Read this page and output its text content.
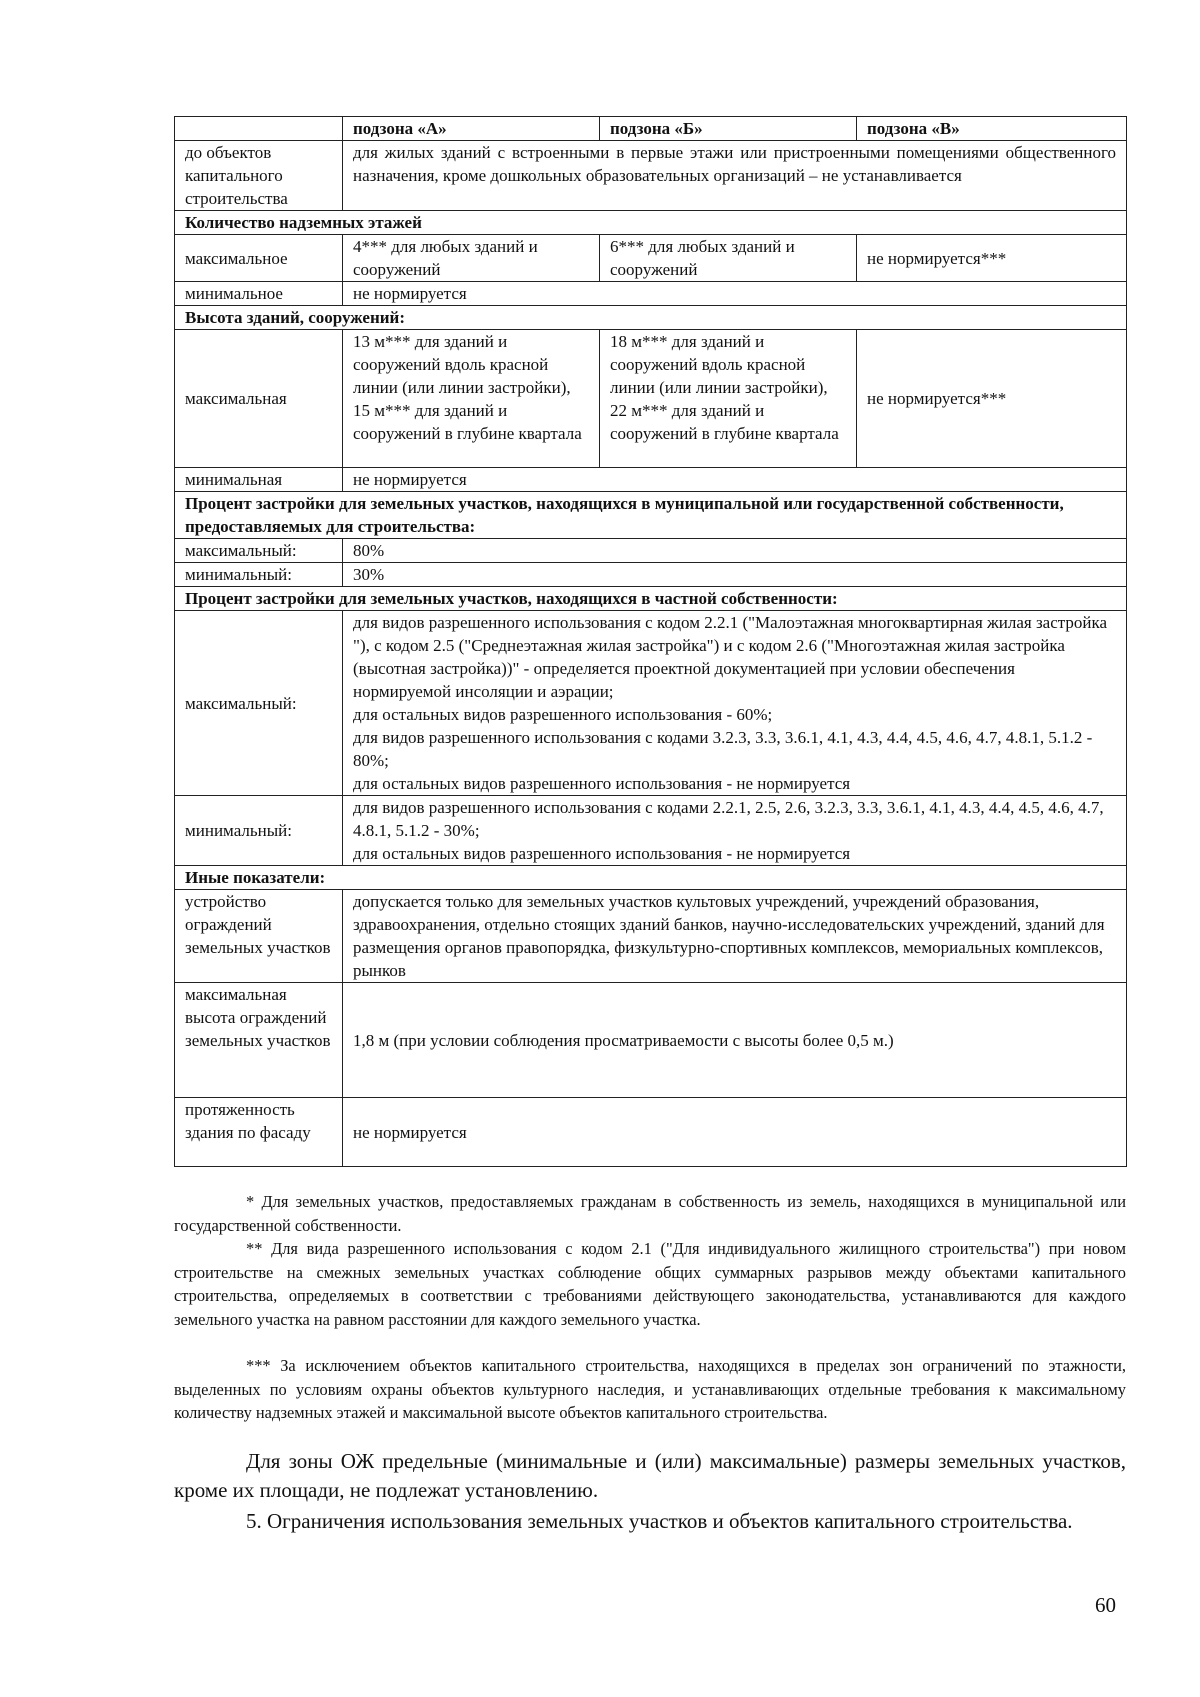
	подзона «А»	подзона «Б»	подзона «В»
до объектов капитального строительства	для жилых зданий с встроенными в первые этажи или пристроенными помещениями общественного назначения, кроме дошкольных образовательных организаций – не устанавливается		
Количество надземных этажей			
максимальное	4*** для любых зданий и сооружений	6*** для любых зданий и сооружений	не нормируется***
минимальное	не нормируется		
Высота зданий, сооружений:			
максимальная	13 м*** для зданий и сооружений вдоль красной линии (или линии застройки), 15 м*** для зданий и сооружений в глубине квартала	18 м*** для зданий и сооружений вдоль красной линии (или линии застройки), 22 м*** для зданий и сооружений в глубине квартала	не нормируется***
минимальная	не нормируется		
Процент застройки для земельных участков, находящихся в муниципальной или государственной собственности, предоставляемых для строительства:			
максимальный:	80%		
минимальный:	30%		
Процент застройки для земельных участков, находящихся в частной собственности:			
максимальный:	для видов разрешенного использования с кодом 2.2.1 ("Малоэтажная многоквартирная жилая застройка "), с кодом 2.5 ("Среднеэтажная жилая застройка") и с кодом 2.6 ("Многоэтажная жилая застройка (высотная застройка))" - определяется проектной документацией при условии обеспечения нормируемой инсоляции и аэрации;
для остальных видов разрешенного использования - 60%;
для видов разрешенного использования с кодами 3.2.3, 3.3, 3.6.1, 4.1, 4.3, 4.4, 4.5, 4.6, 4.7, 4.8.1, 5.1.2 - 80%;
для остальных видов разрешенного использования - не нормируется		

минимальный:	для видов разрешенного использования с кодами 2.2.1, 2.5, 2.6, 3.2.3, 3.3, 3.6.1, 4.1, 4.3, 4.4, 4.5, 4.6, 4.7, 4.8.1, 5.1.2 - 30%;
для остальных видов разрешенного использования - не нормируется		

Иные показатели:			
устройство ограждений земельных участков	допускается только для земельных участков культовых учреждений, учреждений образования, здравоохранения, отдельно стоящих зданий банков, научно-исследовательских учреждений, зданий для размещения органов правопорядка, физкультурно-спортивных комплексов, мемориальных комплексов, рынков		
максимальная высота ограждений земельных участков	1,8 м (при условии соблюдения просматриваемости с высоты более 0,5 м.)		
протяженность здания по фасаду	не нормируется		

* Для земельных участков, предоставляемых гражданам в собственность из земель, находящихся в муниципальной или государственной собственности.

** Для вида разрешенного использования с кодом 2.1 ("Для индивидуального жилищного строительства") при новом строительстве на смежных земельных участках соблюдение общих суммарных разрывов между объектами капитального строительства, определяемых в соответствии с требованиями действующего законодательства, устанавливаются для каждого земельного участка на равном расстоянии для каждого земельного участка.

*** За исключением объектов капитального строительства, находящихся в пределах зон ограничений по этажности, выделенных по условиям охраны объектов культурного наследия, и устанавливающих отдельные требования к максимальному количеству надземных этажей и максимальной высоте объектов капитального строительства.

Для зоны ОЖ предельные (минимальные и (или) максимальные) размеры земельных участков, кроме их площади, не подлежат установлению.

5. Ограничения использования земельных участков и объектов капитального строительства.

60
